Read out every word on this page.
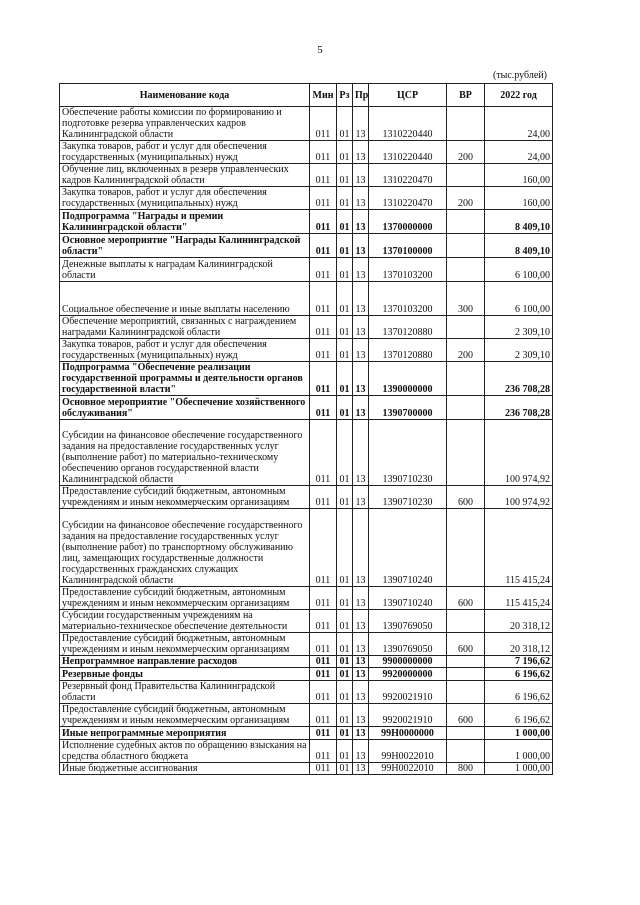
5
(тыс.рублей)
Наименование кода	Мин	Рз	Пр	ЦСР	ВР	2022 год
Обеспечение работы комиссии по формированию и подготовке резерва управленческих кадров Калининградской области	011	01	13	1310220440		24,00
Закупка товаров, работ и услуг для обеспечения государственных (муниципальных) нужд	011	01	13	1310220440	200	24,00
Обучение лиц, включенных в резерв управленческих кадров Калининградской области	011	01	13	1310220470		160,00
Закупка товаров, работ и услуг для обеспечения государственных (муниципальных) нужд	011	01	13	1310220470	200	160,00
Подпрограмма "Награды и премии Калининградской области"	011	01	13	1370000000		8 409,10
Основное мероприятие "Награды Калининградской области"	011	01	13	1370100000		8 409,10
Денежные выплаты к наградам Калининградской области	011	01	13	1370103200		6 100,00
Социальное обеспечение и иные выплаты населению	011	01	13	1370103200	300	6 100,00
Обеспечение мероприятий, связанных с награждением наградами Калининградской области	011	01	13	1370120880		2 309,10
Закупка товаров, работ и услуг для обеспечения государственных (муниципальных) нужд	011	01	13	1370120880	200	2 309,10
Подпрограмма "Обеспечение реализации государственной программы и деятельности органов государственной власти"	011	01	13	1390000000		236 708,28
Основное мероприятие "Обеспечение хозяйственного обслуживания"	011	01	13	1390700000		236 708,28
Субсидии на финансовое обеспечение государственного задания на предоставление государственных услуг (выполнение работ) по материально-техническому обеспечению органов государственной власти Калининградской области	011	01	13	1390710230		100 974,92
Предоставление субсидий бюджетным, автономным учреждениям и иным некоммерческим организациям	011	01	13	1390710230	600	100 974,92
Субсидии на финансовое обеспечение государственного задания на предоставление государственных услуг (выполнение работ) по транспортному обслуживанию лиц, замещающих государственные должности государственных гражданских служащих Калининградской области	011	01	13	1390710240		115 415,24
Предоставление субсидий бюджетным, автономным учреждениям и иным некоммерческим организациям	011	01	13	1390710240	600	115 415,24
Субсидии государственным учреждениям на материально-техническое обеспечение деятельности	011	01	13	1390769050		20 318,12
Предоставление субсидий бюджетным, автономным учреждениям и иным некоммерческим организациям	011	01	13	1390769050	600	20 318,12
Непрограммное направление расходов	011	01	13	9900000000		7 196,62
Резервные фонды	011	01	13	9920000000		6 196,62
Резервный фонд Правительства Калининградской области	011	01	13	9920021910		6 196,62
Предоставление субсидий бюджетным, автономным учреждениям и иным некоммерческим организациям	011	01	13	9920021910	600	6 196,62
Иные непрограммные мероприятия	011	01	13	99Н0000000		1 000,00
Исполнение судебных актов по обращению взыскания на средства областного бюджета	011	01	13	99Н0022010		1 000,00
Иные бюджетные ассигнования	011	01	13	99Н0022010	800	1 000,00
